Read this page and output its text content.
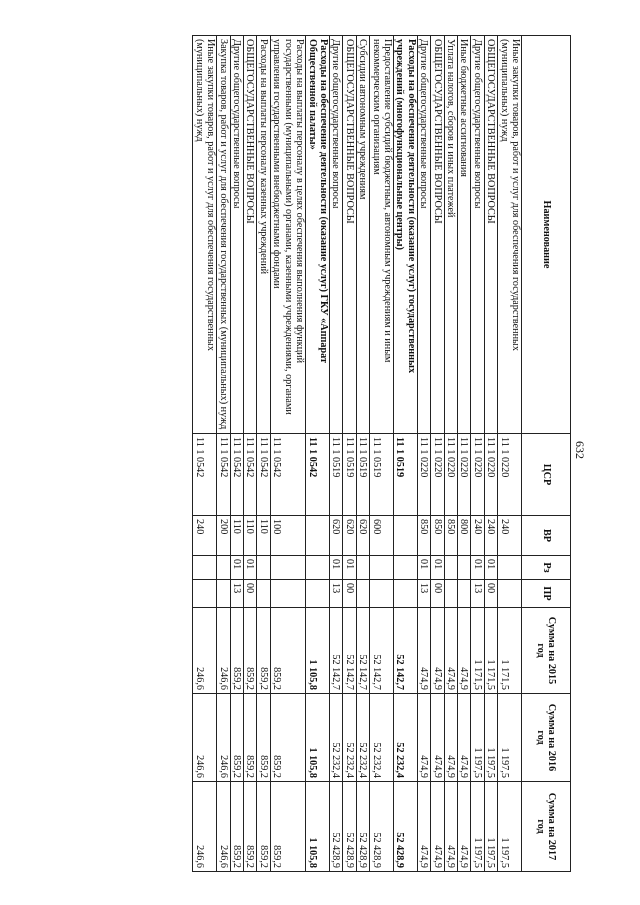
632
Наименование	ЦСР	ВР	Рз	ПР	Сумма на 2015 год	Сумма на 2016 год	Сумма на 2017 год
Иные закупки товаров, работ и услуг для обеспечения государственных (муниципальных) нужд	11 1 0220	240			1 171,5	1 197,5	1 197,5
ОБЩЕГОСУДАРСТВЕННЫЕ ВОПРОСЫ	11 1 0220	240	01	00	1 171,5	1 197,5	1 197,5
Другие общегосударственные вопросы	11 1 0220	240	01	13	1 171,5	1 197,5	1 197,5
Иные бюджетные ассигнования	11 1 0220	800			474,9	474,9	474,9
Уплата налогов, сборов и иных платежей	11 1 0220	850			474,9	474,9	474,9
ОБЩЕГОСУДАРСТВЕННЫЕ ВОПРОСЫ	11 1 0220	850	01	00	474,9	474,9	474,9
Другие общегосударственные вопросы	11 1 0220	850	01	13	474,9	474,9	474,9
Расходы на обеспечение деятельности (оказание услуг) государственных учреждений (многофункциональные центры)	11 1 0519				52 142,7	52 232,4	52 428,9
Предоставление субсидий бюджетным, автономным учреждениям и иным некоммерческим организациям	11 1 0519	600			52 142,7	52 232,4	52 428,9
Субсидии автономным учреждениям	11 1 0519	620			52 142,7	52 232,4	52 428,9
ОБЩЕГОСУДАРСТВЕННЫЕ ВОПРОСЫ	11 1 0519	620	01	00	52 142,7	52 232,4	52 428,9
Другие общегосударственные вопросы	11 1 0519	620	01	13	52 142,7	52 232,4	52 428,9
Расходы на обеспечение деятельности (оказание услуг) ГКУ «Аппарат Общественной палаты»	11 1 0542				1 105,8	1 105,8	1 105,8
Расходы на выплаты персоналу в целях обеспечения выполнения функций государственными (муниципальными) органами, казенными учреждениями, органами управления государственными внебюджетными фондами	11 1 0542	100			859,2	859,2	859,2
Расходы на выплаты персоналу казенных учреждений	11 1 0542	110			859,2	859,2	859,2
ОБЩЕГОСУДАРСТВЕННЫЕ ВОПРОСЫ	11 1 0542	110	01	00	859,2	859,2	859,2
Другие общегосударственные вопросы	11 1 0542	110	01	13	859,2	859,2	859,2
Закупка товаров, работ и услуг для обеспечения государственных (муниципальных) нужд	11 1 0542	200			246,6	246,6	246,6
Иные закупки товаров, работ и услуг для обеспечения государственных (муниципальных) нужд	11 1 0542	240			246,6	246,6	246,6
